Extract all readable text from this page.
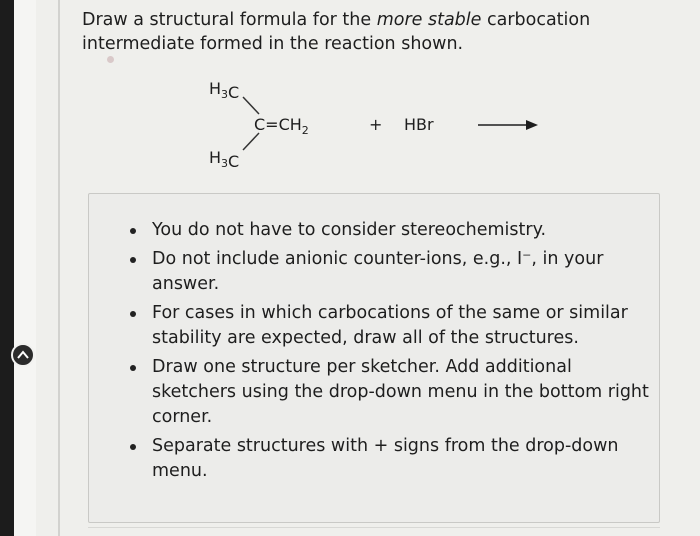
Draw a structural formula for the more stable carbocation intermediate formed in the reaction shown.
$H_3C$
$H_3C$
$C=CH_2$	+ HBr
You do not have to consider stereochemistry.
Do not include anionic counter-ions, e.g., I⁻, in your answer.
For cases in which carbocations of the same or similar stability are expected, draw all of the structures.
Draw one structure per sketcher. Add additional sketchers using the drop-down menu in the bottom right corner.
Separate structures with + signs from the drop-down menu.
